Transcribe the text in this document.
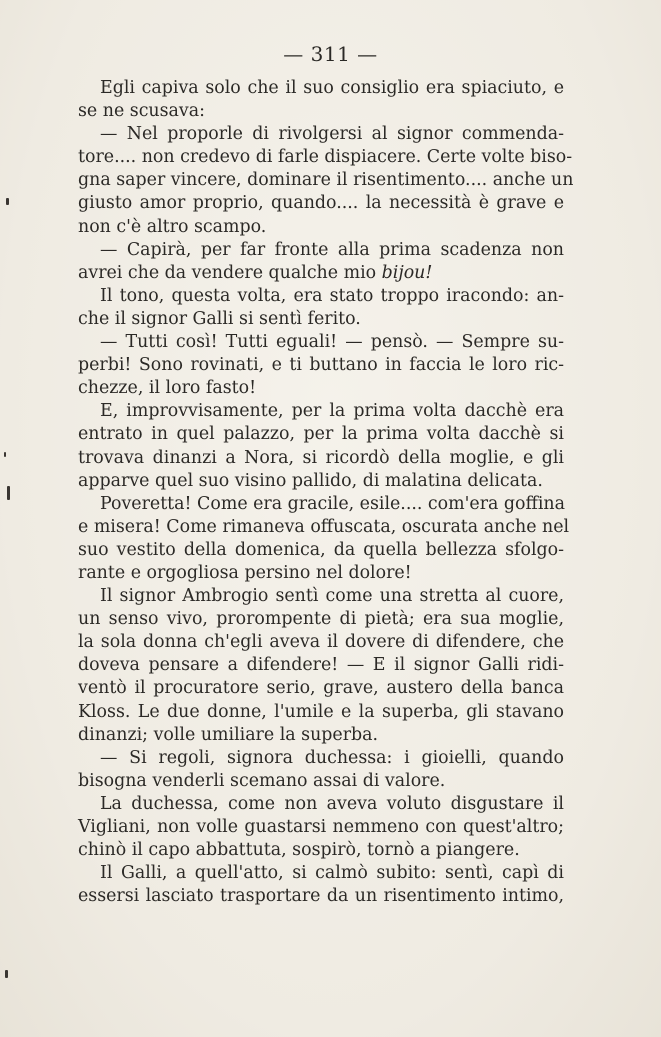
— 311 —
Egli capiva solo che il suo consiglio era spiaciuto, e
se ne scusava:
— Nel proporle di rivolgersi al signor commenda-
tore.... non credevo di farle dispiacere. Certe volte biso-
gna saper vincere, dominare il risentimento.... anche un
giusto amor proprio, quando.... la necessità è grave e
non c'è altro scampo.
— Capirà, per far fronte alla prima scadenza non
avrei che da vendere qualche mio bijou!
Il tono, questa volta, era stato troppo iracondo: an-
che il signor Galli si sentì ferito.
— Tutti così! Tutti eguali! — pensò. — Sempre su-
perbi! Sono rovinati, e ti buttano in faccia le loro ric-
chezze, il loro fasto!
E, improvvisamente, per la prima volta dacchè era
entrato in quel palazzo, per la prima volta dacchè si
trovava dinanzi a Nora, si ricordò della moglie, e gli
apparve quel suo visino pallido, di malatina delicata.
Poveretta! Come era gracile, esile.... com'era goffina
e misera! Come rimaneva offuscata, oscurata anche nel
suo vestito della domenica, da quella bellezza sfolgo-
rante e orgogliosa persino nel dolore!
Il signor Ambrogio sentì come una stretta al cuore,
un senso vivo, prorompente di pietà; era sua moglie,
la sola donna ch'egli aveva il dovere di difendere, che
doveva pensare a difendere! — E il signor Galli ridi-
ventò il procuratore serio, grave, austero della banca
Kloss. Le due donne, l'umile e la superba, gli stavano
dinanzi; volle umiliare la superba.
— Si regoli, signora duchessa: i gioielli, quando
bisogna venderli scemano assai di valore.
La duchessa, come non aveva voluto disgustare il
Vigliani, non volle guastarsi nemmeno con quest'altro;
chinò il capo abbattuta, sospirò, tornò a piangere.
Il Galli, a quell'atto, si calmò subito: sentì, capì di
essersi lasciato trasportare da un risentimento intimo,
